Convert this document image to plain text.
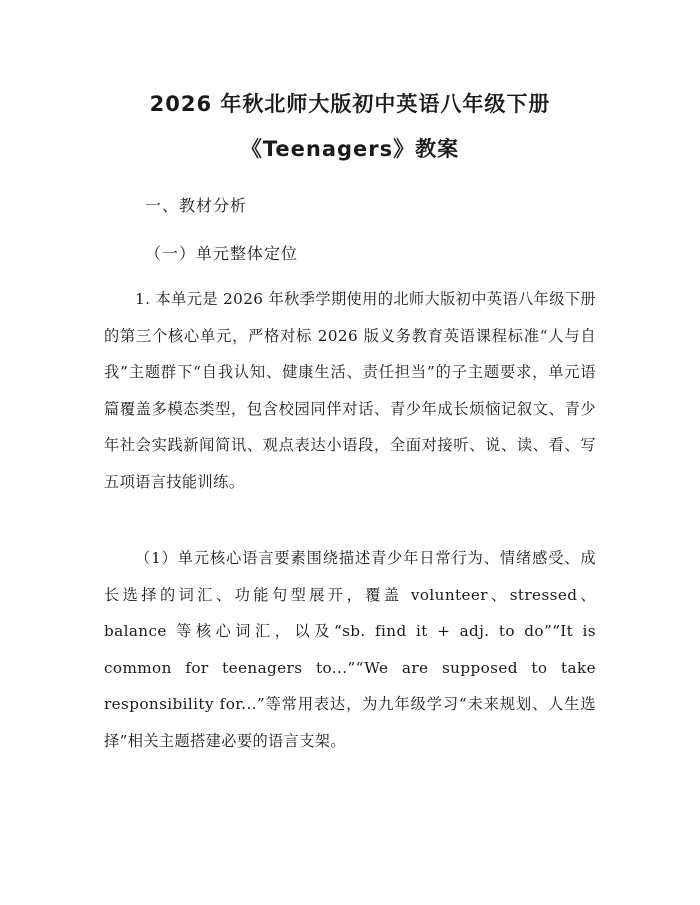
2026 年秋北师大版初中英语八年级下册
《Teenagers》教案

一、教材分析

（一）单元整体定位

1. 本单元是 2026 年秋季学期使用的北师大版初中英语八年级下册的第三个核心单元，严格对标 2026 版义务教育英语课程标准“人与自我”主题群下“自我认知、健康生活、责任担当”的子主题要求，单元语篇覆盖多模态类型，包含校园同伴对话、青少年成长烦恼记叙文、青少年社会实践新闻简讯、观点表达小语段，全面对接听、说、读、看、写五项语言技能训练。

（1）单元核心语言要素围绕描述青少年日常行为、情绪感受、成长选择的词汇、功能句型展开，覆盖 volunteer、stressed、balance 等核心词汇，以及“sb. find it + adj. to do”“It is common for teenagers to...”“We are supposed to take responsibility for...”等常用表达，为九年级学习“未来规划、人生选择”相关主题搭建必要的语言支架。
